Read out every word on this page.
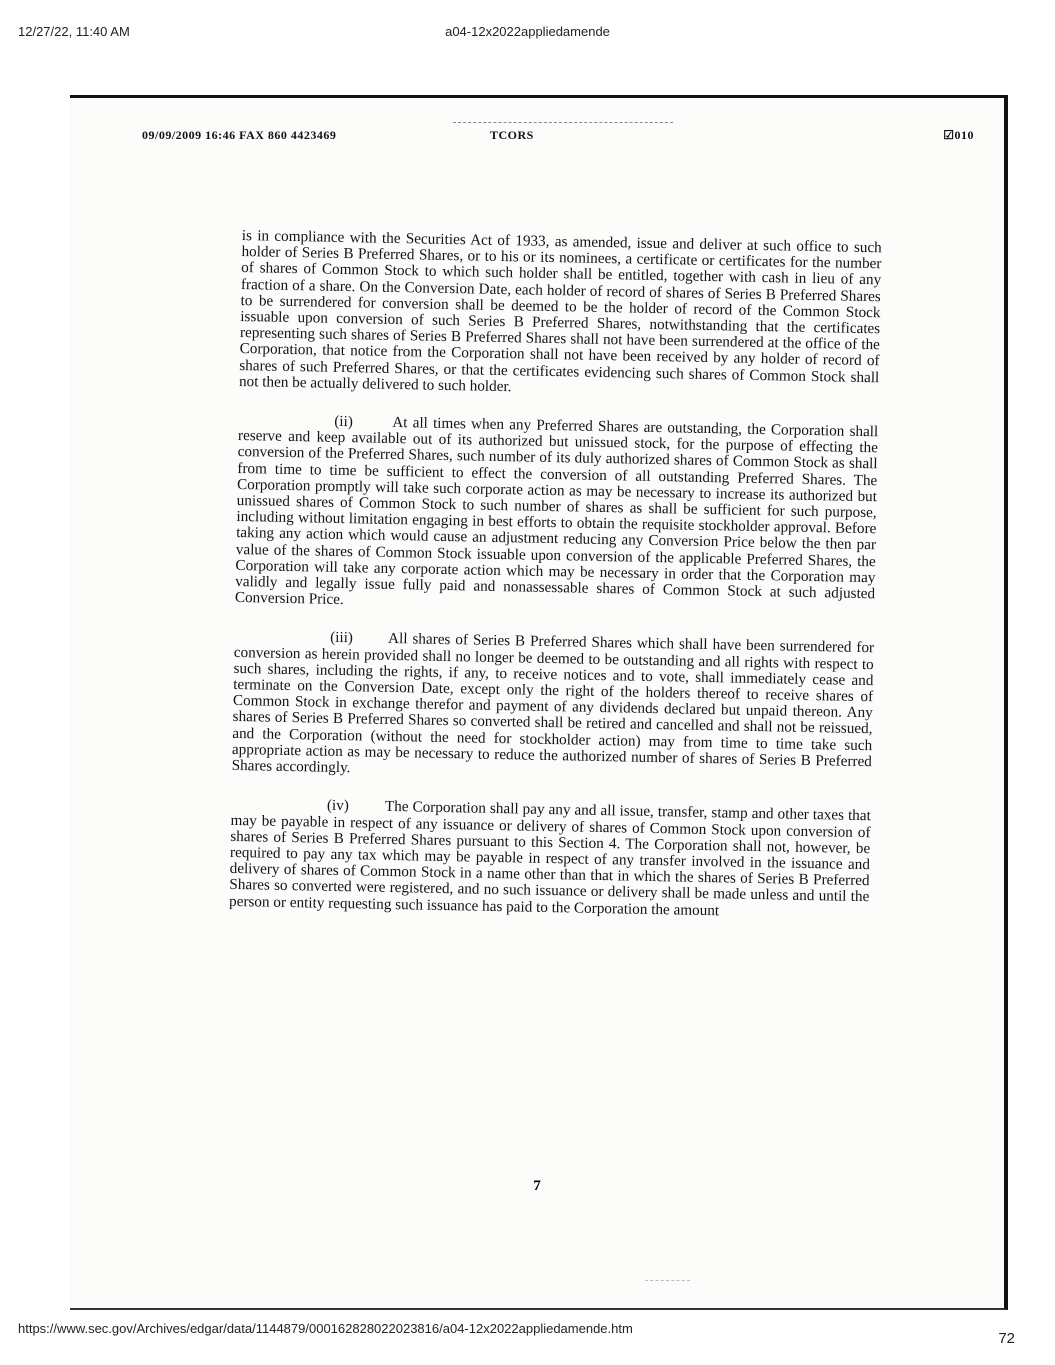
12/27/22, 11:40 AM	a04-12x2022appliedamende
09/09/2009 16:46 FAX 860 4423469	TCORS	☑010

is in compliance with the Securities Act of 1933, as amended, issue and deliver at such office to such holder of Series B Preferred Shares, or to his or its nominees, a certificate or certificates for the number of shares of Common Stock to which such holder shall be entitled, together with cash in lieu of any fraction of a share. On the Conversion Date, each holder of record of shares of Series B Preferred Shares to be surrendered for conversion shall be deemed to be the holder of record of the Common Stock issuable upon conversion of such Series B Preferred Shares, notwithstanding that the certificates representing such shares of Series B Preferred Shares shall not have been surrendered at the office of the Corporation, that notice from the Corporation shall not have been received by any holder of record of shares of such Preferred Shares, or that the certificates evidencing such shares of Common Stock shall not then be actually delivered to such holder.

(ii)	At all times when any Preferred Shares are outstanding, the Corporation shall reserve and keep available out of its authorized but unissued stock, for the purpose of effecting the conversion of the Preferred Shares, such number of its duly authorized shares of Common Stock as shall from time to time be sufficient to effect the conversion of all outstanding Preferred Shares. The Corporation promptly will take such corporate action as may be necessary to increase its authorized but unissued shares of Common Stock to such number of shares as shall be sufficient for such purpose, including without limitation engaging in best efforts to obtain the requisite stockholder approval. Before taking any action which would cause an adjustment reducing any Conversion Price below the then par value of the shares of Common Stock issuable upon conversion of the applicable Preferred Shares, the Corporation will take any corporate action which may be necessary in order that the Corporation may validly and legally issue fully paid and nonassessable shares of Common Stock at such adjusted Conversion Price.

(iii) All shares of Series B Preferred Shares which shall have been surrendered for conversion as herein provided shall no longer be deemed to be outstanding and all rights with respect to such shares, including the rights, if any, to receive notices and to vote, shall immediately cease and terminate on the Conversion Date, except only the right of the holders thereof to receive shares of Common Stock in exchange therefor and payment of any dividends declared but unpaid thereon. Any shares of Series B Preferred Shares so converted shall be retired and cancelled and shall not be reissued, and the Corporation (without the need for stockholder action) may from time to time take such appropriate action as may be necessary to reduce the authorized number of shares of Series B Preferred Shares accordingly.

(iv) The Corporation shall pay any and all issue, transfer, stamp and other taxes that may be payable in respect of any issuance or delivery of shares of Common Stock upon conversion of shares of Series B Preferred Shares pursuant to this Section 4. The Corporation shall not, however, be required to pay any tax which may be payable in respect of any transfer involved in the issuance and delivery of shares of Common Stock in a name other than that in which the shares of Series B Preferred Shares so converted were registered, and no such issuance or delivery shall be made unless and until the person or entity requesting such issuance has paid to the Corporation the amount

7
https://www.sec.gov/Archives/edgar/data/1144879/000162828022023816/a04-12x2022appliedamende.htm
72
